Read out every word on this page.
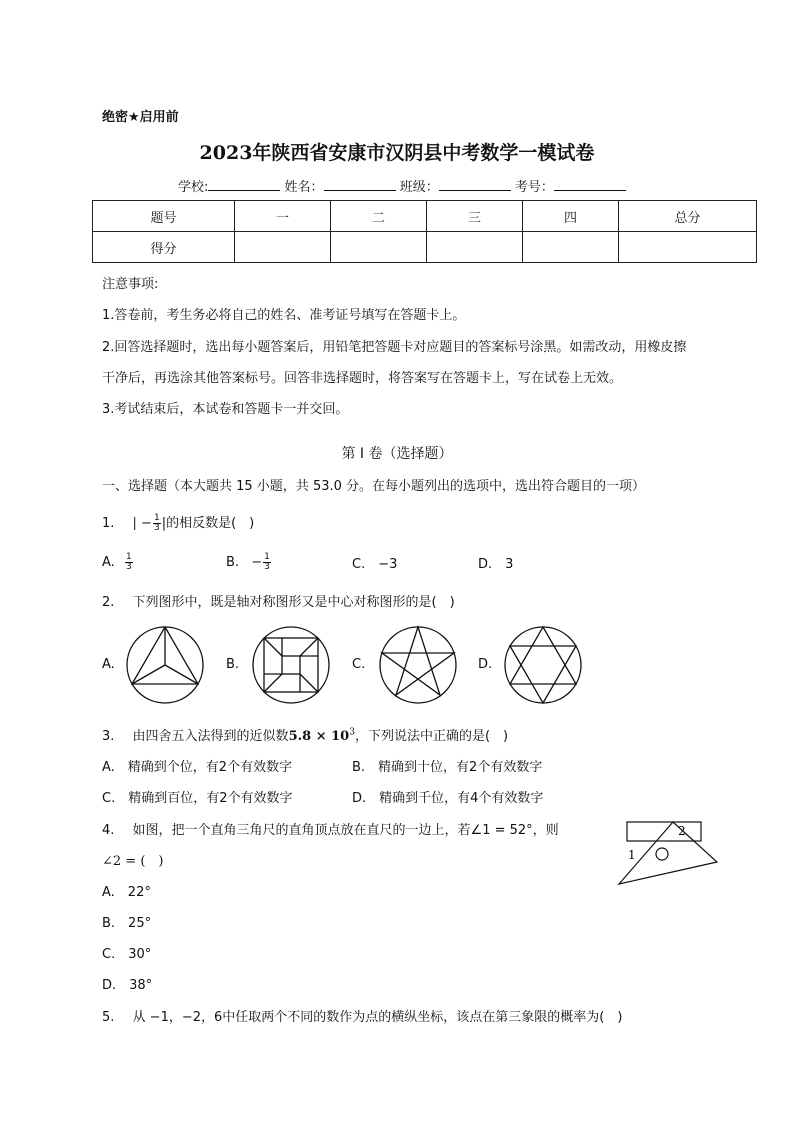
绝密★启用前
2023年陕西省安康市汉阴县中考数学一模试卷
学校:	姓名：	班级：	考号：
题号	一	二	三	四	总分
得分					
注意事项:
1.答卷前，考生务必将自己的姓名、准考证号填写在答题卡上。
2.回答选择题时，选出每小题答案后，用铅笔把答题卡对应题目的答案标号涂黑。如需改动，用橡皮擦
干净后，再选涂其他答案标号。回答非选择题时，将答案写在答题卡上，写在试卷上无效。
3.考试结束后，本试卷和答题卡一并交回。
第 I 卷（选择题）
一、选择题（本大题共 15 小题，共 53.0 分。在每小题列出的选项中，选出符合题目的一项）
1. | − $\frac{1}{3}$ |的相反数是(　)
A. $\frac{1}{3}$	B. − $\frac{1}{3}$	C.　−3	D.　3
2. 下列图形中，既是轴对称图形又是中心对称图形的是(　)
A.	B.	C.	D.
3. 由四舍五入法得到的近似数$5.8 \times 10^3$，下列说法中正确的是(　)
A.　精确到个位，有2个有效数字	B.　精确到十位，有2个有效数字
C.　精确到百位，有2个有效数字	D.　精确到千位，有4个有效数字
4. 如图，把一个直角三角尺的直角顶点放在直尺的一边上，若∠1 = 52°，则
∠2 = (　)
A.　22°
B.　25°
C.　30°
D.　38°
1
2
5. 从 −1，−2，6中任取两个不同的数作为点的横纵坐标，该点在第三象限的概率为(　)
